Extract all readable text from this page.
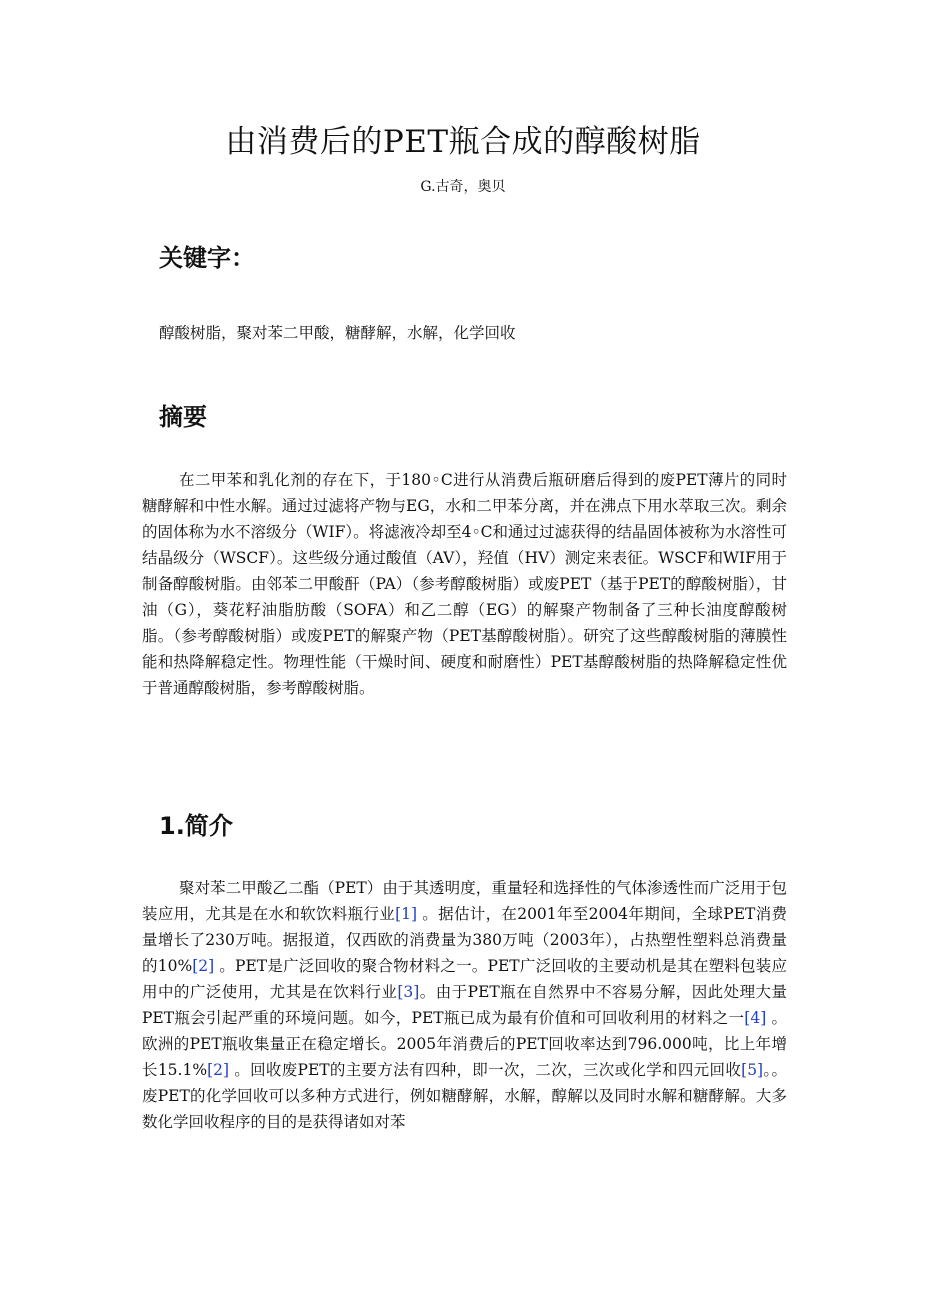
由消费后的PET瓶合成的醇酸树脂

G.古奇，奥贝

关键字：

醇酸树脂，聚对苯二甲酸，糖酵解，水解，化学回收

摘要

在二甲苯和乳化剂的存在下，于180◦C进行从消费后瓶研磨后得到的废PET薄片的同时糖酵解和中性水解。通过过滤将产物与EG，水和二甲苯分离，并在沸点下用水萃取三次。剩余的固体称为水不溶级分（WIF）。将滤液冷却至4◦C和通过过滤获得的结晶固体被称为水溶性可结晶级分（WSCF）。这些级分通过酸值（AV），羟值（HV）测定来表征。WSCF和WIF用于制备醇酸树脂。由邻苯二甲酸酐（PA）（参考醇酸树脂）或废PET（基于PET的醇酸树脂），甘油（G），葵花籽油脂肪酸（SOFA）和乙二醇（EG）的解聚产物制备了三种长油度醇酸树脂。（参考醇酸树脂）或废PET的解聚产物（PET基醇酸树脂）。研究了这些醇酸树脂的薄膜性能和热降解稳定性。物理性能（干燥时间、硬度和耐磨性）PET基醇酸树脂的热降解稳定性优于普通醇酸树脂，参考醇酸树脂。

1.简介

聚对苯二甲酸乙二酯（PET）由于其透明度，重量轻和选择性的气体渗透性而广泛用于包装应用，尤其是在水和软饮料瓶行业[1] 。据估计，在2001年至2004年期间，全球PET消费量增长了230万吨。据报道，仅西欧的消费量为380万吨（2003年），占热塑性塑料总消费量的10%[2] 。PET是广泛回收的聚合物材料之一。PET广泛回收的主要动机是其在塑料包装应用中的广泛使用，尤其是在饮料行业[3]。由于PET瓶在自然界中不容易分解，因此处理大量PET瓶会引起严重的环境问题。如今，PET瓶已成为最有价值和可回收利用的材料之一[4] 。欧洲的PET瓶收集量正在稳定增长。2005年消费后的PET回收率达到796.000吨，比上年增长15.1%[2] 。回收废PET的主要方法有四种，即一次，二次，三次或化学和四元回收[5]。。废PET的化学回收可以多种方式进行，例如糖酵解，水解，醇解以及同时水解和糖酵解。大多数化学回收程序的目的是获得诸如对苯
